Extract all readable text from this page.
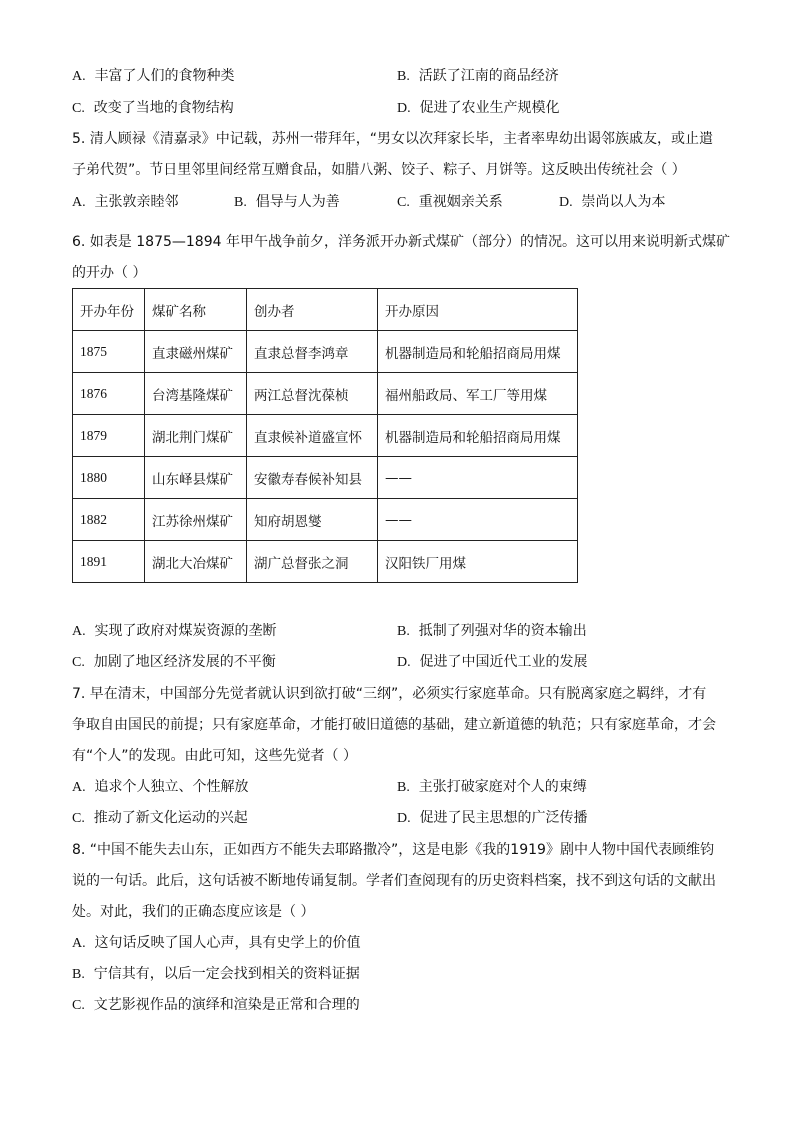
A. 丰富了人们的食物种类	B. 活跃了江南的商品经济
C. 改变了当地的食物结构	D. 促进了农业生产规模化
5. 清人顾禄《清嘉录》中记载，苏州一带拜年，“男女以次拜家长毕，主者率卑幼出谒邻族戚友，或止遣
子弟代贺”。节日里邻里间经常互赠食品，如腊八粥、饺子、粽子、月饼等。这反映出传统社会（ ）
A. 主张敦亲睦邻	B. 倡导与人为善	C. 重视姻亲关系	D. 崇尚以人为本
6. 如表是 1875—1894 年甲午战争前夕，洋务派开办新式煤矿（部分）的情况。这可以用来说明新式煤矿
的开办（ ）
开办年份	煤矿名称	创办者	开办原因
1875	直隶磁州煤矿	直隶总督李鸿章	机器制造局和轮船招商局用煤
1876	台湾基隆煤矿	两江总督沈葆桢	福州船政局、军工厂等用煤
1879	湖北荆门煤矿	直隶候补道盛宣怀	机器制造局和轮船招商局用煤
1880	山东峄县煤矿	安徽寿春候补知县	——
1882	江苏徐州煤矿	知府胡恩燮	——
1891	湖北大冶煤矿	湖广总督张之洞	汉阳铁厂用煤
A. 实现了政府对煤炭资源的垄断	B. 抵制了列强对华的资本输出
C. 加剧了地区经济发展的不平衡	D. 促进了中国近代工业的发展
7. 早在清末，中国部分先觉者就认识到欲打破“三纲”，必须实行家庭革命。只有脱离家庭之羁绊，才有
争取自由国民的前提；只有家庭革命，才能打破旧道德的基础，建立新道德的轨范；只有家庭革命，才会
有“个人”的发现。由此可知，这些先觉者（ ）
A. 追求个人独立、个性解放	B. 主张打破家庭对个人的束缚
C. 推动了新文化运动的兴起	D. 促进了民主思想的广泛传播
8. “中国不能失去山东，正如西方不能失去耶路撒冷”，这是电影《我的1919》剧中人物中国代表顾维钧
说的一句话。此后，这句话被不断地传诵复制。学者们查阅现有的历史资料档案，找不到这句话的文献出
处。对此，我们的正确态度应该是（ ）
A. 这句话反映了国人心声，具有史学上的价值
B. 宁信其有，以后一定会找到相关的资料证据
C. 文艺影视作品的演绎和渲染是正常和合理的
